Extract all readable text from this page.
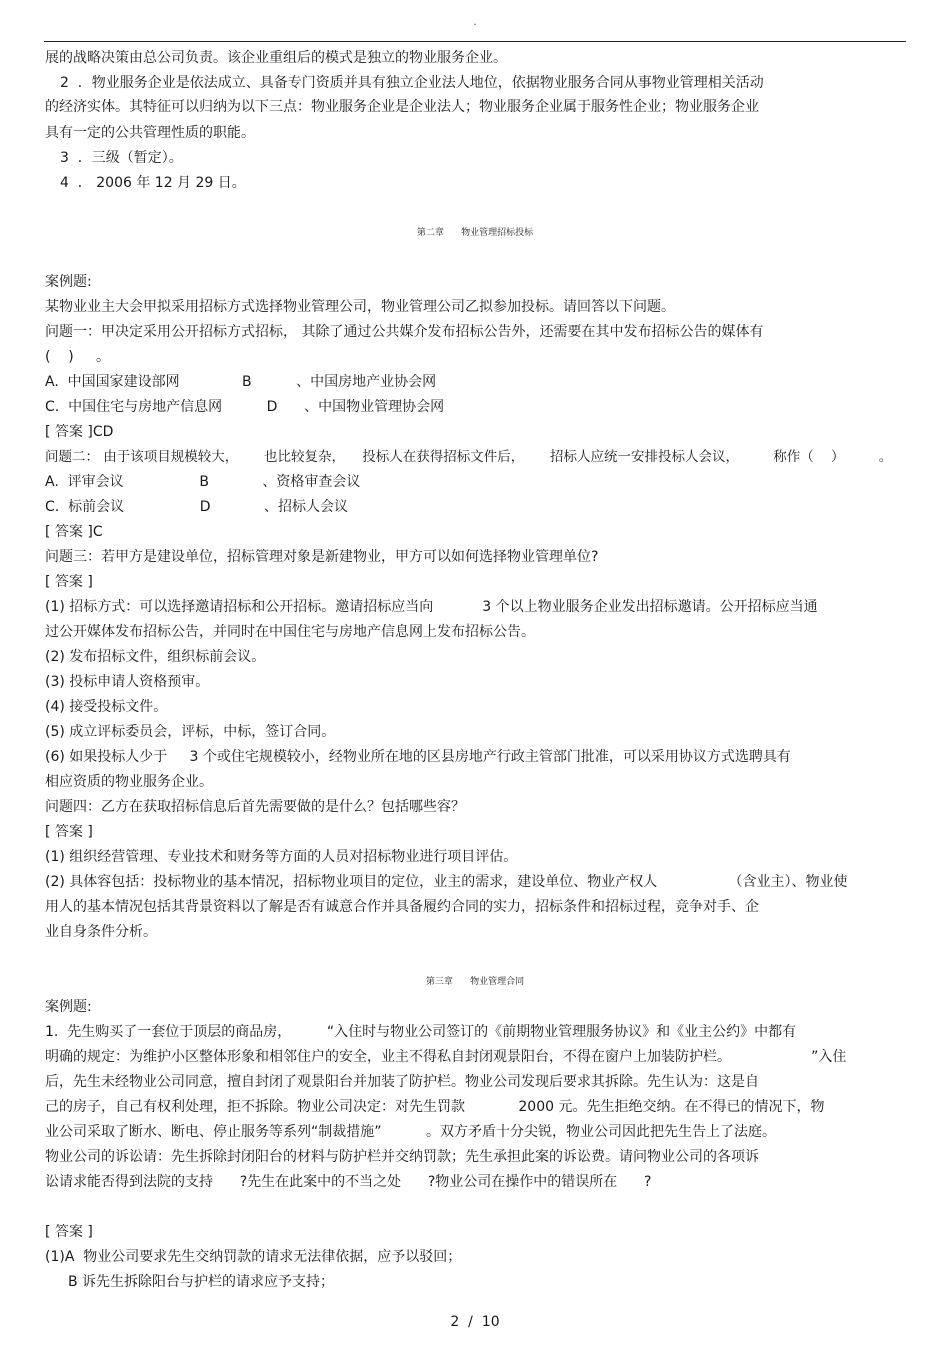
.
展的战略决策由总公司负责。该企业重组后的模式是独立的物业服务企业。
2  ．物业服务企业是依法成立、具备专门资质并具有独立企业法人地位，依据物业服务合同从事物业管理相关活动
的经济实体。其特征可以归纳为以下三点：物业服务企业是企业法人；物业服务企业属于服务性企业；物业服务企业
具有一定的公共管理性质的职能。
3  ．三级（暂定）。
4  ． 2006 年 12 月 29 日。
第二章      物业管理招标投标
案例题:
某物业业主大会甲拟采用招标方式选择物业管理公司，物业管理公司乙拟参加投标。请回答以下问题。
问题一：甲决定采用公开招标方式招标， 其除了通过公共媒介发布招标公告外，还需要在其中发布招标公告的媒体有
(    )     。
A.  中国国家建设部网              B          、中国房地产业协会网
C.  中国住宅与房地产信息网          D      、中国物业管理协会网
[ 答案 ]CD
问题二： 由于该项目规模较大，      也比较复杂，    投标人在获得招标文件后，      招标人应统一安排投标人会议，        称作（    ）        。
A.  评审会议                 B            、资格审查会议
C.  标前会议                 D            、招标人会议
[ 答案 ]C
问题三：若甲方是建设单位，招标管理对象是新建物业，甲方可以如何选择物业管理单位?
[ 答案 ]
(1) 招标方式：可以选择邀请招标和公开招标。邀请招标应当向           3 个以上物业服务企业发出招标邀请。公开招标应当通
过公开媒体发布招标公告，并同时在中国住宅与房地产信息网上发布招标公告。
(2) 发布招标文件，组织标前会议。
(3) 投标申请人资格预审。
(4) 接受投标文件。
(5) 成立评标委员会，评标，中标，签订合同。
(6) 如果投标人少于     3 个或住宅规模较小，经物业所在地的区县房地产行政主管部门批准，可以采用协议方式选聘具有
相应资质的物业服务企业。
问题四：乙方在获取招标信息后首先需要做的是什么？包括哪些容？
[ 答案 ]
(1) 组织经营管理、专业技术和财务等方面的人员对招标物业进行项目评估。
(2) 具体容包括：投标物业的基本情况，招标物业项目的定位，业主的需求，建设单位、物业产权人                （含业主）、物业使
用人的基本情况包括其背景资料以了解是否有诚意合作并具备履约合同的实力，招标条件和招标过程，竞争对手、企
业自身条件分析。
第三章      物业管理合同
案例题:
1.  先生购买了一套位于顶层的商品房，        “入住时与物业公司签订的《前期物业管理服务协议》和《业主公约》中都有
明确的规定：为维护小区整体形象和相邻住户的安全，业主不得私自封闭观景阳台，不得在窗户上加装防护栏。                  ”入住
后，先生未经物业公司同意，擅自封闭了观景阳台并加装了防护栏。物业公司发现后要求其拆除。先生认为：这是自
己的房子，自己有权利处理，拒不拆除。物业公司决定：对先生罚款            2000 元。先生拒绝交纳。在不得已的情况下，物
业公司采取了断水、断电、停止服务等系列“制裁措施”          。双方矛盾十分尖锐，物业公司因此把先生告上了法庭。
物业公司的诉讼请：先生拆除封闭阳台的材料与防护栏并交纳罚款；先生承担此案的诉讼费。请问物业公司的各项诉
讼请求能否得到法院的支持      ?先生在此案中的不当之处      ?物业公司在操作中的错误所在      ?
[ 答案 ]
(1)A  物业公司要求先生交纳罚款的请求无法律依据，应予以驳回；
B 诉先生拆除阳台与护栏的请求应予支持；
2  /  10
